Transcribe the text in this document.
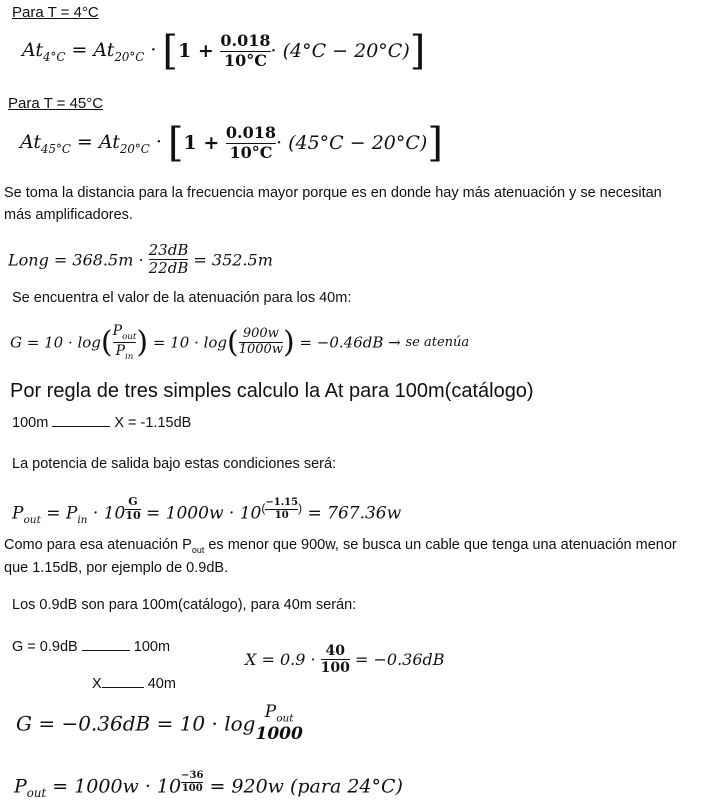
Para T = 4°C
$At_{4^\circ C} = At_{20^\circ C} \cdot [1 + \frac{0.018}{10^\circ C} \cdot (4^\circ C - 20^\circ C)]$
Para T = 45°C
$At_{45^\circ C} = At_{20^\circ C} \cdot [1 + \frac{0.018}{10^\circ C} \cdot (45^\circ C - 20^\circ C)]$
Se toma la distancia para la frecuencia mayor porque es en donde hay más atenuación y se necesitan
más amplificadores.
Long = $368.5m \cdot \frac{23dB}{22dB} = 352.5m$
Se encuentra el valor de la atenuación para los 40m:
$G = 10 \cdot \log( \frac{P_{out}}{P_{in}}$ ) = $10 \cdot \log( \frac{900w}{1000w}$ ) = −0.46dB → se atenúa
Por regla de tres simples calculo la At para 100m(catálogo)
100m	X = -1.15dB
La potencia de salida bajo estas condiciones será:
$P_{out} = P_{in} \cdot 10$ $^{\frac{G}{10}} = 1000w \cdot 10^{( \frac{-1.15}{10} )} = 767.36w$
Como para esa atenuación $P_{out}$ es menor que 900w, se busca un cable que tenga una atenuación menor
que 1.15dB, por ejemplo de 0.9dB.
Los 0.9dB son para 100m(catálogo), para 40m serán:
G = 0.9dB	100m
X	40m
$X = 0.9 \cdot \frac{40}{100} = -0.36dB$
$G = -0.36dB = 10 \cdot \log P_{out}$
1000
$P_{out} = 1000w \cdot 10$ $^{\frac{-36}{100}}$ = 920w (para 24°C)
